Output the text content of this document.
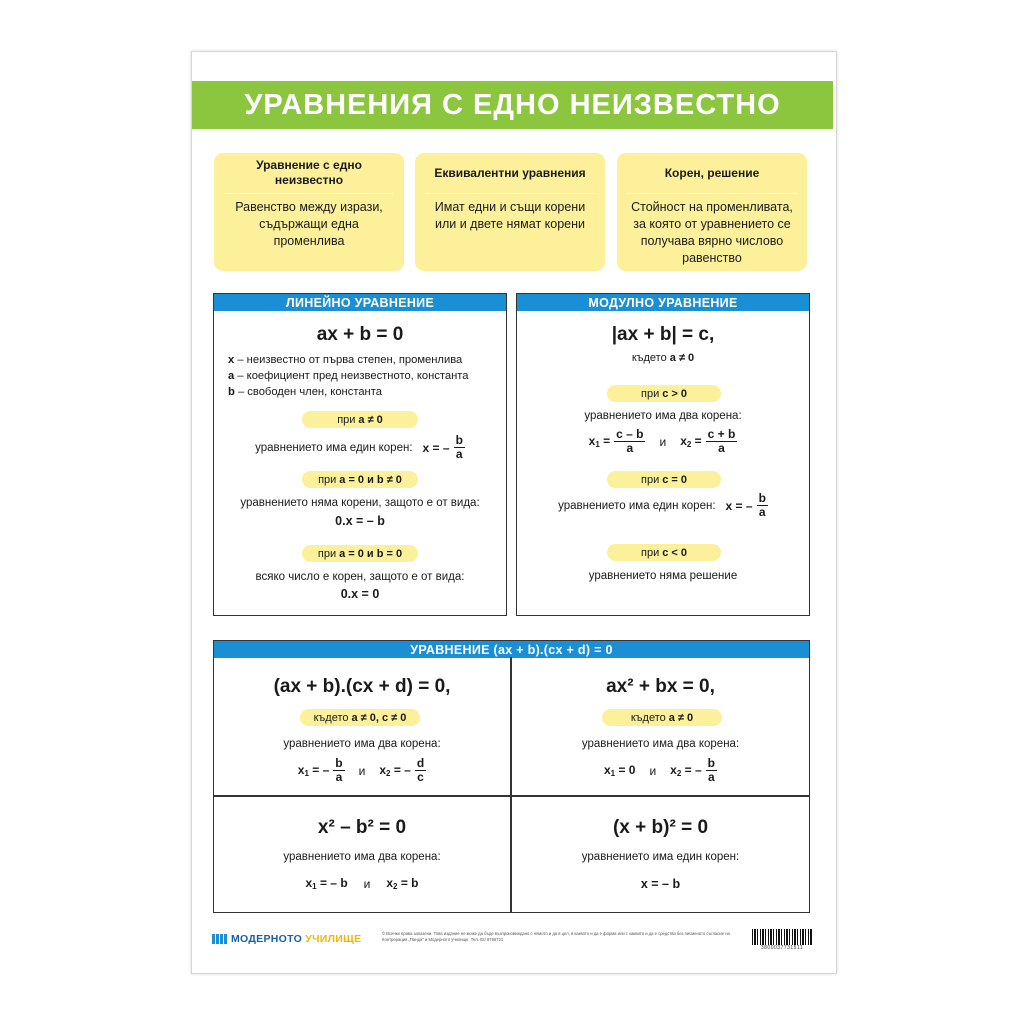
УРАВНЕНИЯ С ЕДНО НЕИЗВЕСТНО
Уравнение с едно неизвестно
Равенство между изрази, съдържащи една променлива
Еквивалентни уравнения
Имат едни и същи корени или и двете нямат корени
Корен, решение
Стойност на променливата, за която от уравнението се получава вярно числово равенство
ЛИНЕЙНО УРАВНЕНИЕ
ax + b = 0
x – неизвестно от първа степен, променлива
a – коефициент пред неизвестното, константа
b – свободен член, константа
при a ≠ 0
уравнението има един корен: x = – $\frac{b}{a}$
при a = 0 и b ≠ 0
уравнението няма корени, защото е от вида:
0.x = – b
при a = 0 и b = 0
всяко число е корен, защото е от вида:
0.x = 0
МОДУЛНО УРАВНЕНИЕ
|ax + b| = c,
където a ≠ 0
при c > 0
уравнението има два корена:
$x_1 = \frac{c - b}{a}$ и $x_2 = \frac{c + b}{a}$
при c = 0
уравнението има един корен: x = – $\frac{b}{a}$
при c < 0
уравнението няма решение
УРАВНЕНИЕ (ax + b).(cx + d) = 0
(ax + b).(cx + d) = 0,
където a ≠ 0, c ≠ 0
уравнението има два корена:
$x_1$ = – $\frac{b}{a}$ и $x_2$ = – $\frac{d}{c}$
ax² + bx = 0,
където a ≠ 0
уравнението има два корена:
$x_1 = 0$ и $x_2$ = – $\frac{b}{a}$
x² – b² = 0
уравнението има два корена:
$x_1$ = – b и $x_2 = b$
(x + b)² = 0
уравнението има един корен:
x = – b
МОДЕРНОТО УЧИЛИЩЕ	© Всички права запазени. Това издание не може да бъде възпроизвеждано с нямото и да в цел, в каквото и да е форма или с каквито и да е средства без писменото съгласие на Контрерация „Панда" и Модерното училище. Тел. 02/ 9766721
3800037731511
